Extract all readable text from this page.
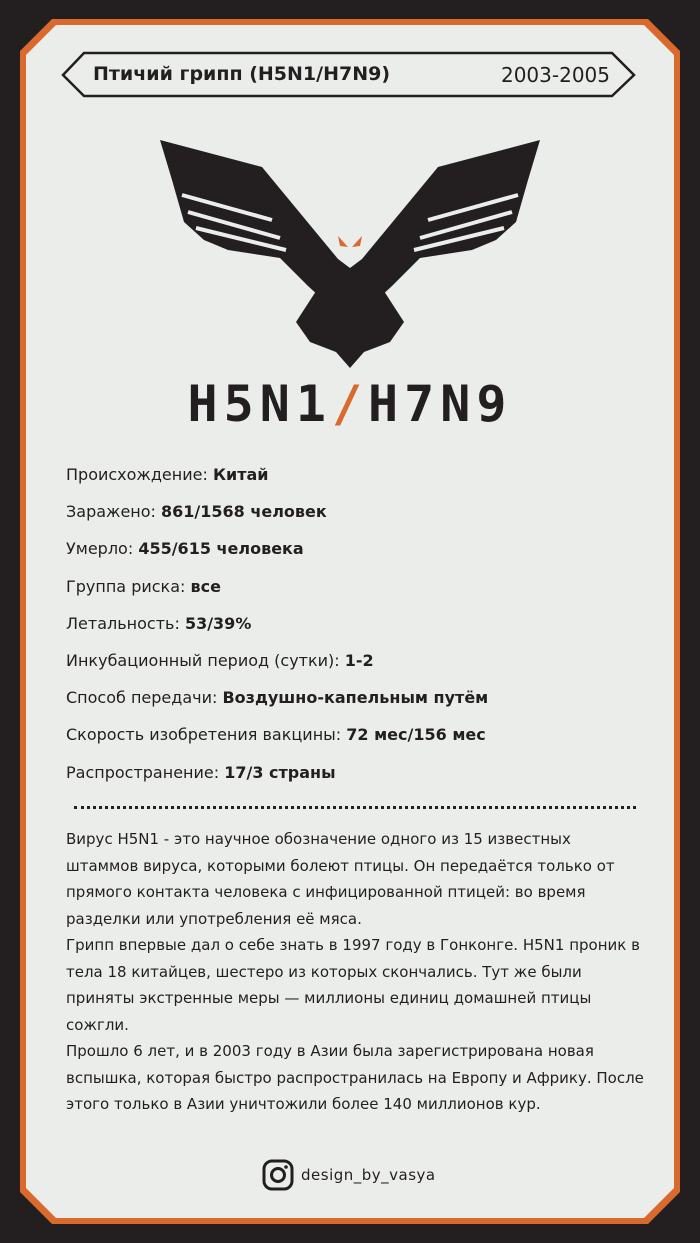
Птичий грипп (H5N1/H7N9)	2003-2005
H5N1/H7N9
Происхождение: Китай
Заражено: 861/1568 человек
Умерло: 455/615 человека
Группа риска: все
Летальность: 53/39%
Инкубационный период (сутки): 1-2
Способ передачи: Воздушно-капельным путём
Скорость изобретения вакцины: 72 мес/156 мес
Распространение: 17/3 страны

Вирус H5N1 - это научное обозначение одного из 15 известных штаммов вируса, которыми болеют птицы. Он передаётся только от прямого контакта человека с инфицированной птицей: во время разделки или употребления её мяса.

Грипп впервые дал о себе знать в 1997 году в Гонконге. H5N1 проник в тела 18 китайцев, шестеро из которых скончались. Тут же были приняты экстренные меры — миллионы единиц домашней птицы сожгли.

Прошло 6 лет, и в 2003 году в Азии была зарегистрирована новая вспышка, которая быстро распространилась на Европу и Африку. После этого только в Азии уничтожили более 140 миллионов кур.

design_by_vasya
